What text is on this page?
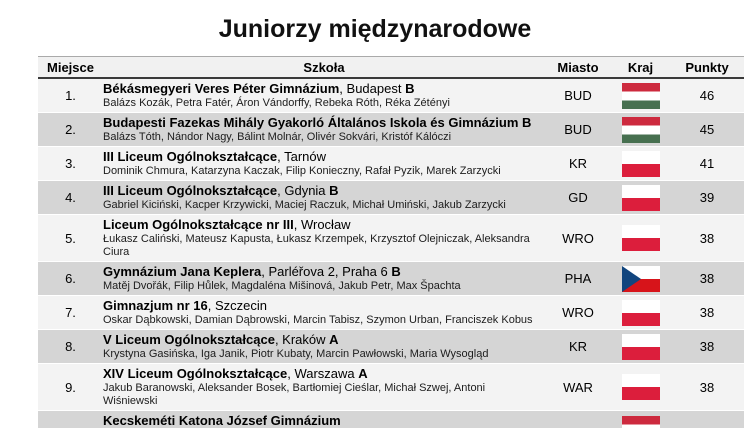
Juniorzy międzynarodowe
Miejsce	Szkoła	Miasto	Kraj	Punkty
1.	Békásmegyeri Veres Péter Gimnázium, Budapest B
Balázs Kozák, Petra Fatér, Áron Vándorffy, Rebeka Róth, Réka Zétényi	BUD	46
2.	Budapesti Fazekas Mihály Gyakorló Általános Iskola és Gimnázium B
Balázs Tóth, Nándor Nagy, Bálint Molnár, Olivér Sokvári, Kristóf Kálóczi	BUD	45
3.	III Liceum Ogólnokształcące, Tarnów
Dominik Chmura, Katarzyna Kaczak, Filip Konieczny, Rafał Pyzik, Marek Zarzycki	KR	41
4.	III Liceum Ogólnokształcące, Gdynia B
Gabriel Kiciński, Kacper Krzywicki, Maciej Raczuk, Michał Umiński, Jakub Zarzycki	GD	39
5.
Liceum Ogólnokształcące nr III, Wrocław
Łukasz Caliński, Mateusz Kapusta, Łukasz Krzempek, Krzysztof Olejniczak, Aleksandra Ciura
WRO	38
6.	Gymnázium Jana Keplera, Parléřova 2, Praha 6 B
Matěj Dvořák, Filip Hůlek, Magdaléna Mišinová, Jakub Petr, Max Špachta	PHA	38
7.	Gimnazjum nr 16, Szczecin
Oskar Dąbkowski, Damian Dąbrowski, Marcin Tabisz, Szymon Urban, Franciszek Kobus	WRO	38
8.	V Liceum Ogólnokształcące, Kraków A
Krystyna Gasińska, Iga Janik, Piotr Kubaty, Marcin Pawłowski, Maria Wysogląd	KR	38
9.
XIV Liceum Ogólnokształcące, Warszawa A
Jakub Baranowski, Aleksander Bosek, Bartłomiej Cieślar, Michał Szwej, Antoni Wiśniewski
WAR	38
Kecskeméti Katona József Gimnázium
